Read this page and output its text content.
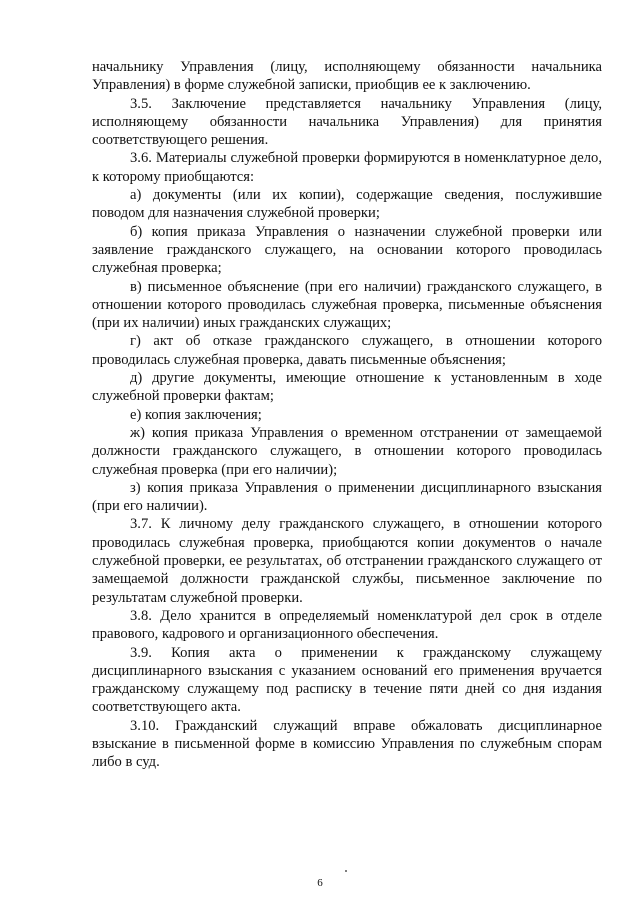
начальнику Управления (лицу, исполняющему обязанности начальника Управления) в форме служебной записки, приобщив ее к заключению.

3.5. Заключение представляется начальнику Управления (лицу, исполняющему обязанности начальника Управления) для принятия соответствующего решения.

3.6. Материалы служебной проверки формируются в номенклатурное дело, к которому приобщаются:

а) документы (или их копии), содержащие сведения, послужившие поводом для назначения служебной проверки;

б) копия приказа Управления о назначении служебной проверки или заявление гражданского служащего, на основании которого проводилась служебная проверка;

в) письменное объяснение (при его наличии) гражданского служащего, в отношении которого проводилась служебная проверка, письменные объяснения (при их наличии) иных гражданских служащих;

г) акт об отказе гражданского служащего, в отношении которого проводилась служебная проверка, давать письменные объяснения;

д) другие документы, имеющие отношение к установленным в ходе служебной проверки фактам;

е) копия заключения;

ж) копия приказа Управления о временном отстранении от замещаемой должности гражданского служащего, в отношении которого проводилась служебная проверка (при его наличии);

з) копия приказа Управления о применении дисциплинарного взыскания (при его наличии).

3.7. К личному делу гражданского служащего, в отношении которого проводилась служебная проверка, приобщаются копии документов о начале служебной проверки, ее результатах, об отстранении гражданского служащего от замещаемой должности гражданской службы, письменное заключение по результатам служебной проверки.

3.8. Дело хранится в определяемый номенклатурой дел срок в отделе правового, кадрового и организационного обеспечения.

3.9. Копия акта о применении к гражданскому служащему дисциплинарного взыскания с указанием оснований его применения вручается гражданскому служащему под расписку в течение пяти дней со дня издания соответствующего акта.

3.10. Гражданский служащий вправе обжаловать дисциплинарное взыскание в письменной форме в комиссию Управления по служебным спорам либо в суд.

6
